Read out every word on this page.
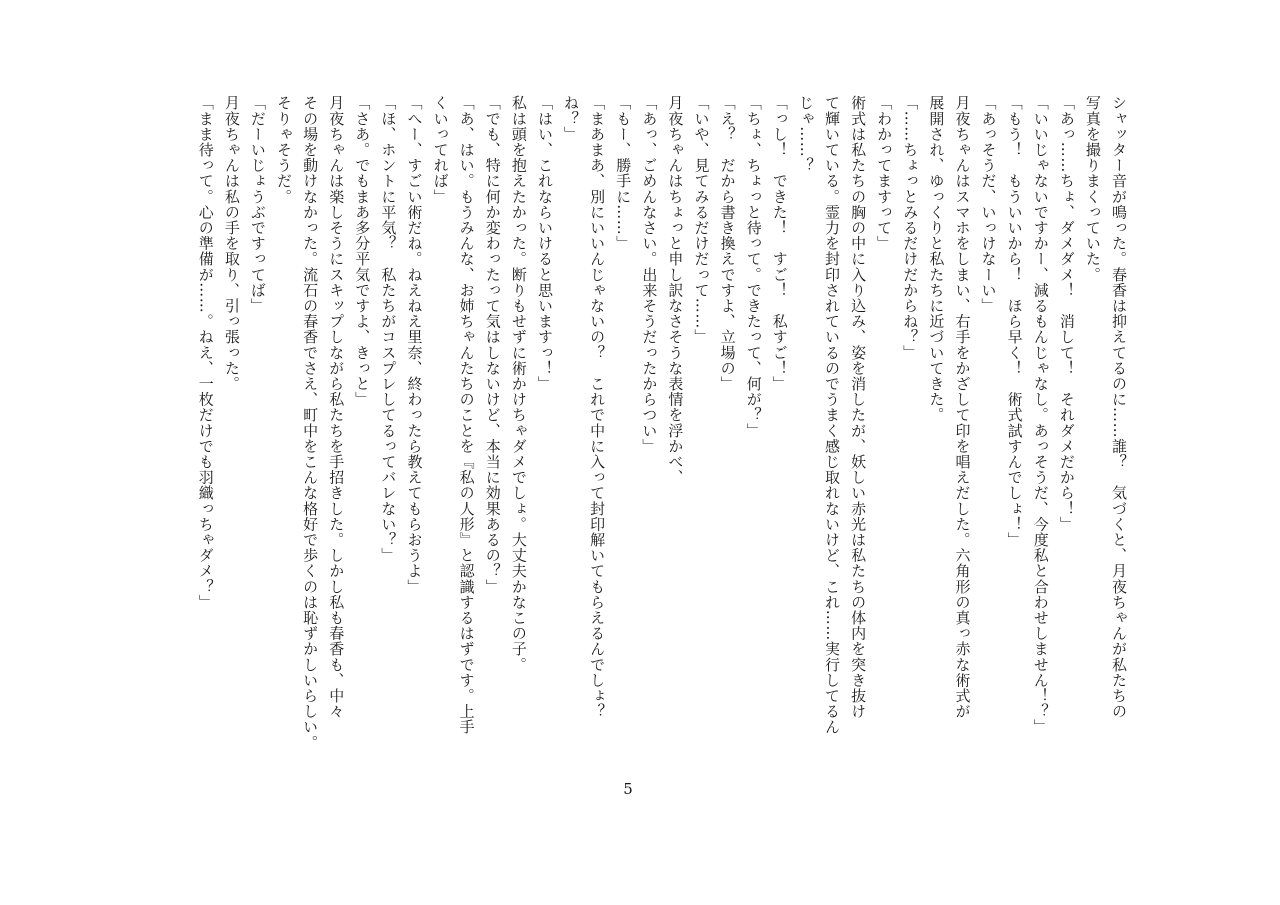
シャッター音が鳴った。春香は抑えてるのに……誰？　気づくと、月夜ちゃんが私たちの
写真を撮りまくっていた。
「あっ……ちょ、ダメダメ！　消して！　それダメだから！」
「いいじゃないですかー、減るもんじゃなし。あっそうだ、今度私と合わせしません！？」
「もう！　もういいから！　ほら早く！　術式試すんでしょ！」
「あっそうだ、いっけなーい」
月夜ちゃんはスマホをしまい、右手をかざして印を唱えだした。六角形の真っ赤な術式が
展開され、ゆっくりと私たちに近づいてきた。
「……ちょっとみるだけだからね？」
「わかってますって」
術式は私たちの胸の中に入り込み、姿を消したが、妖しい赤光は私たちの体内を突き抜け
て輝いている。霊力を封印されているのでうまく感じ取れないけど、これ……実行してるん
じゃ……？
「っし！　できた！　すご！　私すご！」
「ちょ、ちょっと待って。できたって、何が？」
「え？　だから書き換えですよ、立場の」
「いや、見てみるだけだって……」
月夜ちゃんはちょっと申し訳なさそうな表情を浮かべ、
「あっ、ごめんなさい。出来そうだったからつい」
「もー、勝手に……」
「まあまあ、別にいいんじゃないの？　これで中に入って封印解いてもらえるんでしょ？
ね？」
「はい、これならいけると思いますっ！」
私は頭を抱えたかった。断りもせずに術かけちゃダメでしょ。大丈夫かなこの子。
「でも、特に何か変わったって気はしないけど、本当に効果あるの？」
「あ、はい。もうみんな、お姉ちゃんたちのことを『私の人形』と認識するはずです。上手
くいってれば」
「へー、すごい術だね。ねえねえ里奈、終わったら教えてもらおうよ」
「ほ、ホントに平気？　私たちがコスプレしてるってバレない？」
「さあ。でもまあ多分平気ですよ、きっと」
月夜ちゃんは楽しそうにスキップしながら私たちを手招きした。しかし私も春香も、中々
その場を動けなかった。流石の春香でさえ、町中をこんな格好で歩くのは恥ずかしいらしい。
そりゃそうだ。
「だーいじょうぶですってば」
月夜ちゃんは私の手を取り、引っ張った。
「まま待って。心の準備が……。ねえ、一枚だけでも羽織っちゃダメ？」
5
